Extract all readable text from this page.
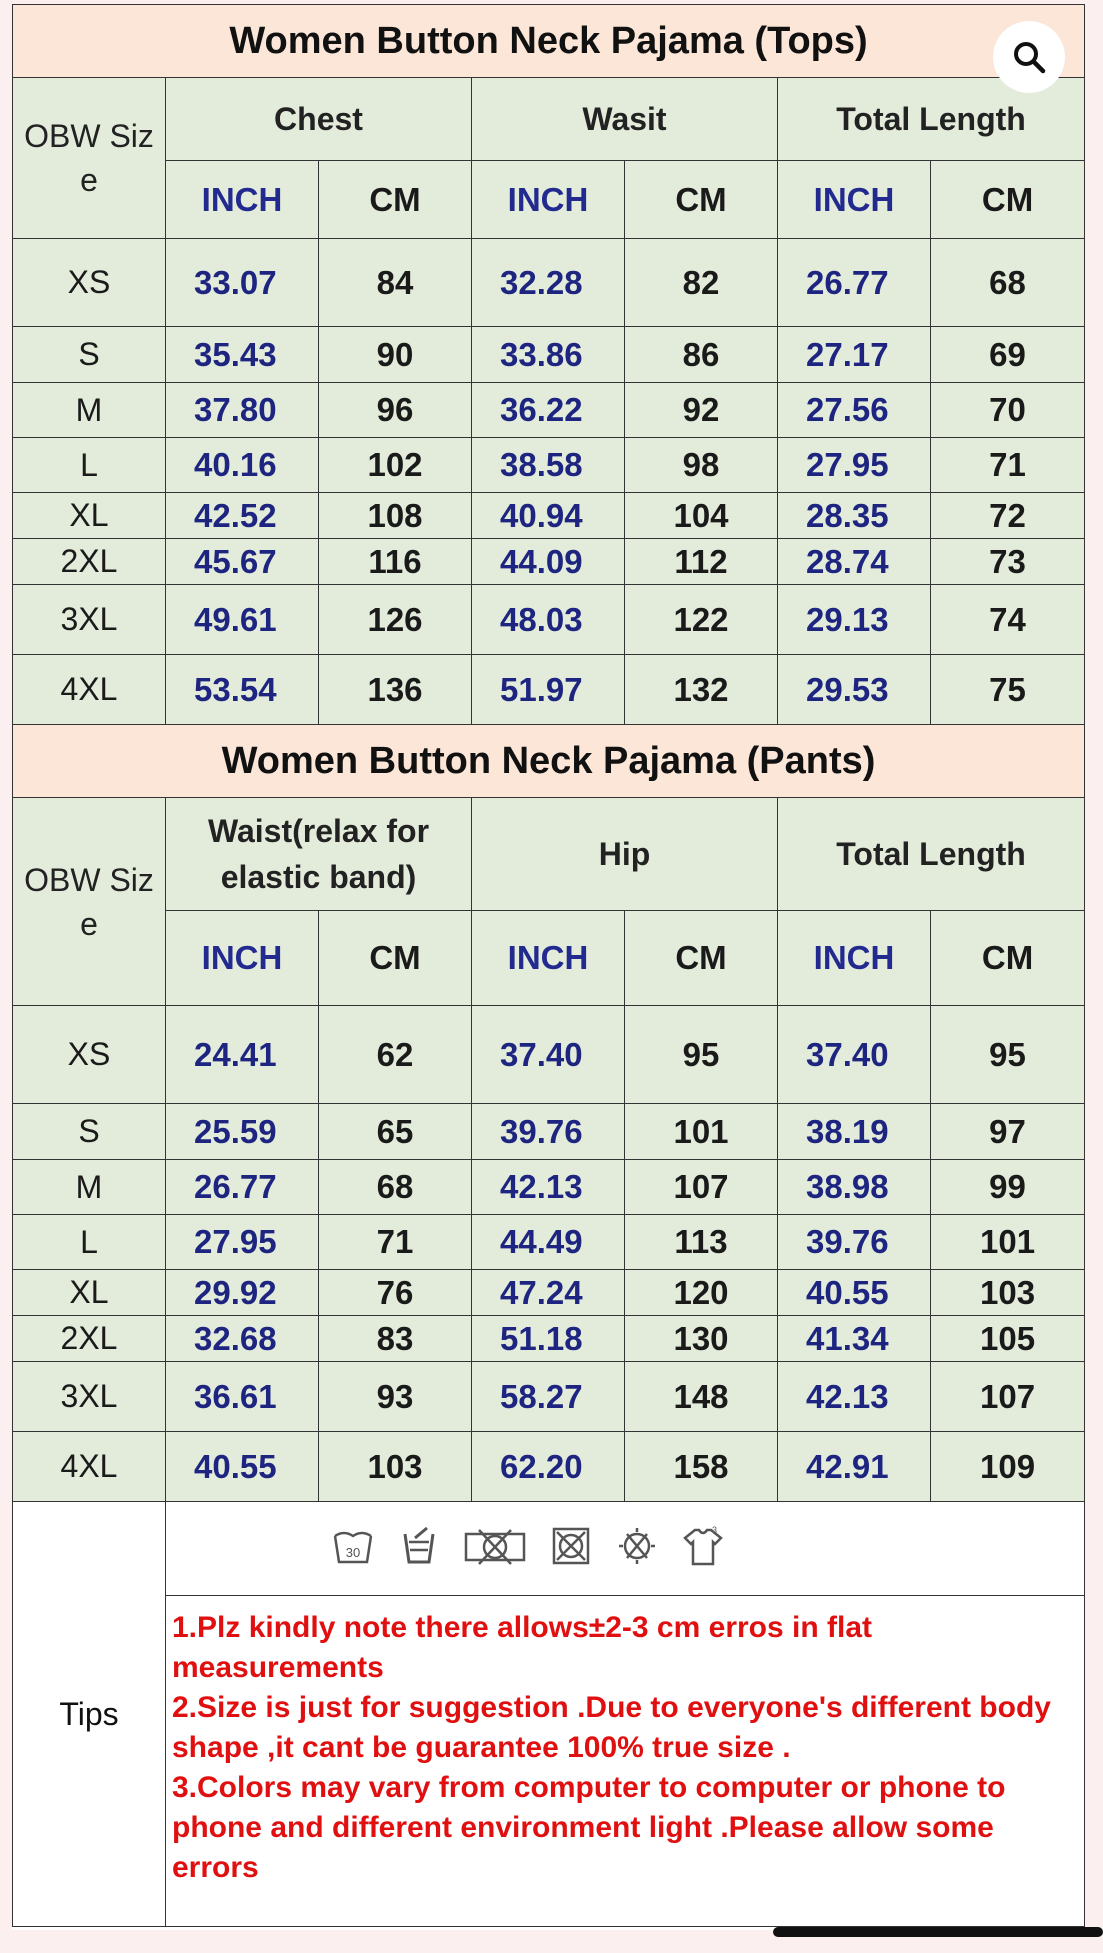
Women Button Neck Pajama (Tops)						
OBW Siz e	Chest		Wasit		Total Length	
	INCH	CM	INCH	CM	INCH	CM
XS	33.07	84	32.28	82	26.77	68
S	35.43	90	33.86	86	27.17	69
M	37.80	96	36.22	92	27.56	70
L	40.16	102	38.58	98	27.95	71
XL	42.52	108	40.94	104	28.35	72
2XL	45.67	116	44.09	112	28.74	73
3XL	49.61	126	48.03	122	29.13	74
4XL	53.54	136	51.97	132	29.53	75
Women Button Neck Pajama (Pants)						
OBW Siz e	Waist(relax for elastic band)		Hip		Total Length	
	INCH	CM	INCH	CM	INCH	CM
XS	24.41	62	37.40	95	37.40	95
S	25.59	65	39.76	101	38.19	97
M	26.77	68	42.13	107	38.98	99
L	27.95	71	44.49	113	39.76	101
XL	29.92	76	47.24	120	40.55	103
2XL	32.68	83	51.18	130	41.34	105
3XL	36.61	93	58.27	148	42.13	107
4XL	40.55	103	62.20	158	42.91	109
Tips	30
3					

	1.Plz kindly note there allows±2-3 cm erros in flat measurements

2.Size is just for suggestion .Due to everyone's different body shape ,it cant be guarantee 100% true size .

3.Colors may vary from computer to computer or phone to phone and different environment light .Please allow some errors					
